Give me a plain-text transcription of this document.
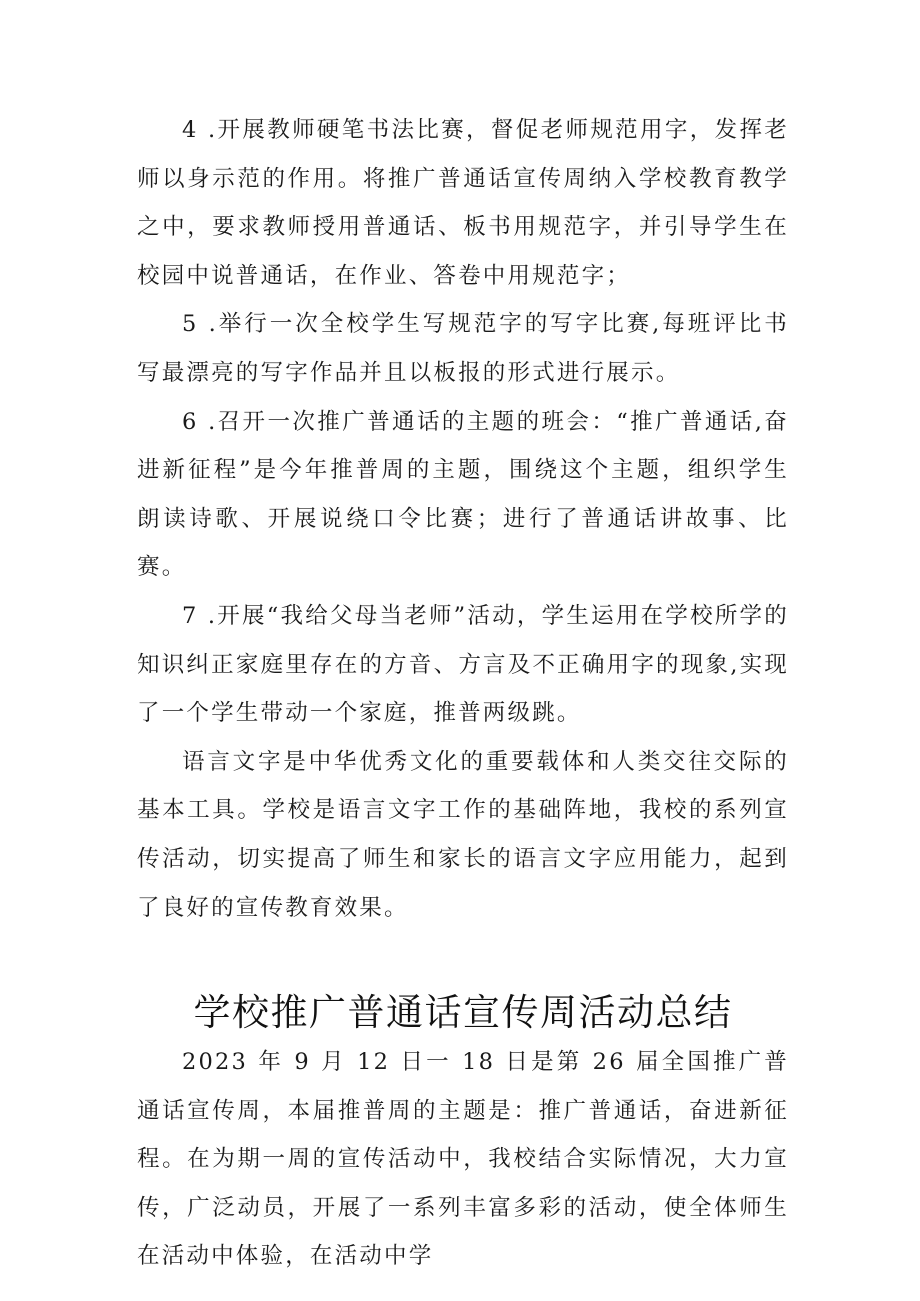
4 .开展教师硬笔书法比赛，督促老师规范用字，发挥老师以身示范的作用。将推广普通话宣传周纳入学校教育教学之中，要求教师授用普通话、板书用规范字，并引导学生在校园中说普通话，在作业、答卷中用规范字；

5 .举行一次全校学生写规范字的写字比赛,每班评比书写最漂亮的写字作品并且以板报的形式进行展示。

6 .召开一次推广普通话的主题的班会：“推广普通话,奋进新征程”是今年推普周的主题，围绕这个主题，组织学生朗读诗歌、开展说绕口令比赛；进行了普通话讲故事、比赛。

7 .开展“我给父母当老师”活动，学生运用在学校所学的知识纠正家庭里存在的方音、方言及不正确用字的现象,实现了一个学生带动一个家庭，推普两级跳。

语言文字是中华优秀文化的重要载体和人类交往交际的基本工具。学校是语言文字工作的基础阵地，我校的系列宣传活动，切实提高了师生和家长的语言文字应用能力，起到了良好的宣传教育效果。

学校推广普通话宣传周活动总结

2023 年 9 月 12 日一 18 日是第 26 届全国推广普通话宣传周，本届推普周的主题是：推广普通话，奋进新征程。在为期一周的宣传活动中，我校结合实际情况，大力宣传，广泛动员，开展了一系列丰富多彩的活动，使全体师生在活动中体验，在活动中学
